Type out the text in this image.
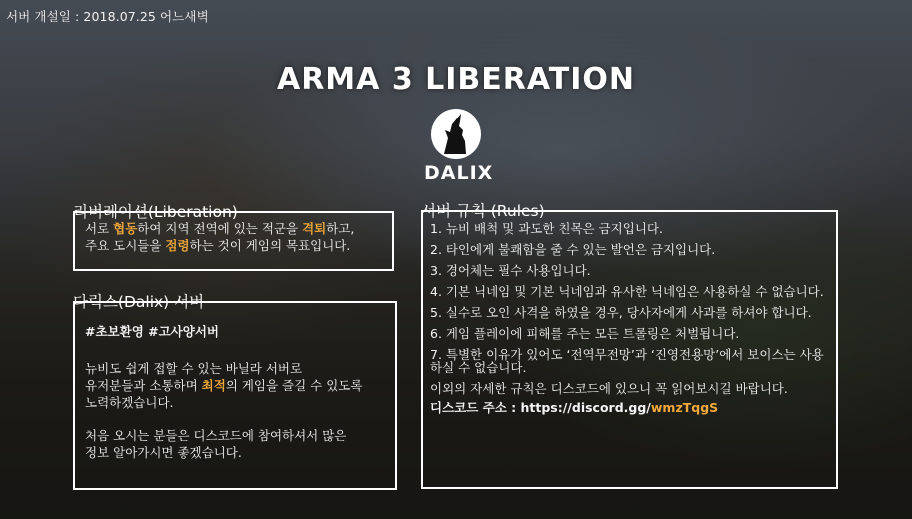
서버 개설일 : 2018.07.25 어느새벽
ARMA 3 LIBERATION
DALIX
리버레이션(Liberation)
서로 협동하여 지역 전역에 있는 적군을 격퇴하고,
주요 도시들을 점령하는 것이 게임의 목표입니다.
다릭스(Dalix) 서버
#초보환영 #고사양서버
뉴비도 쉽게 접할 수 있는 바닐라 서버로
유저분들과 소통하며 최적의 게임을 즐길 수 있도록
노력하겠습니다.
처음 오시는 분들은 디스코드에 참여하셔서 많은
정보 알아가시면 좋겠습니다.
서버 규칙 (Rules)
1. 뉴비 배척 및 과도한 친목은 금지입니다.
2. 타인에게 불쾌함을 줄 수 있는 발언은 금지입니다.
3. 경어체는 필수 사용입니다.
4. 기본 닉네임 및 기본 닉네임과 유사한 닉네임은 사용하실 수 없습니다.
5. 실수로 오인 사격을 하였을 경우, 당사자에게 사과를 하셔야 합니다.
6. 게임 플레이에 피해를 주는 모든 트롤링은 처벌됩니다.
7. 특별한 이유가 있어도 ‘전역무전망’과 ‘진영전용망’에서 보이스는 사용하실 수 없습니다.
이외의 자세한 규칙은 디스코드에 있으니 꼭 읽어보시길 바랍니다.
디스코드 주소 : https://discord.gg/wmzTqgS
